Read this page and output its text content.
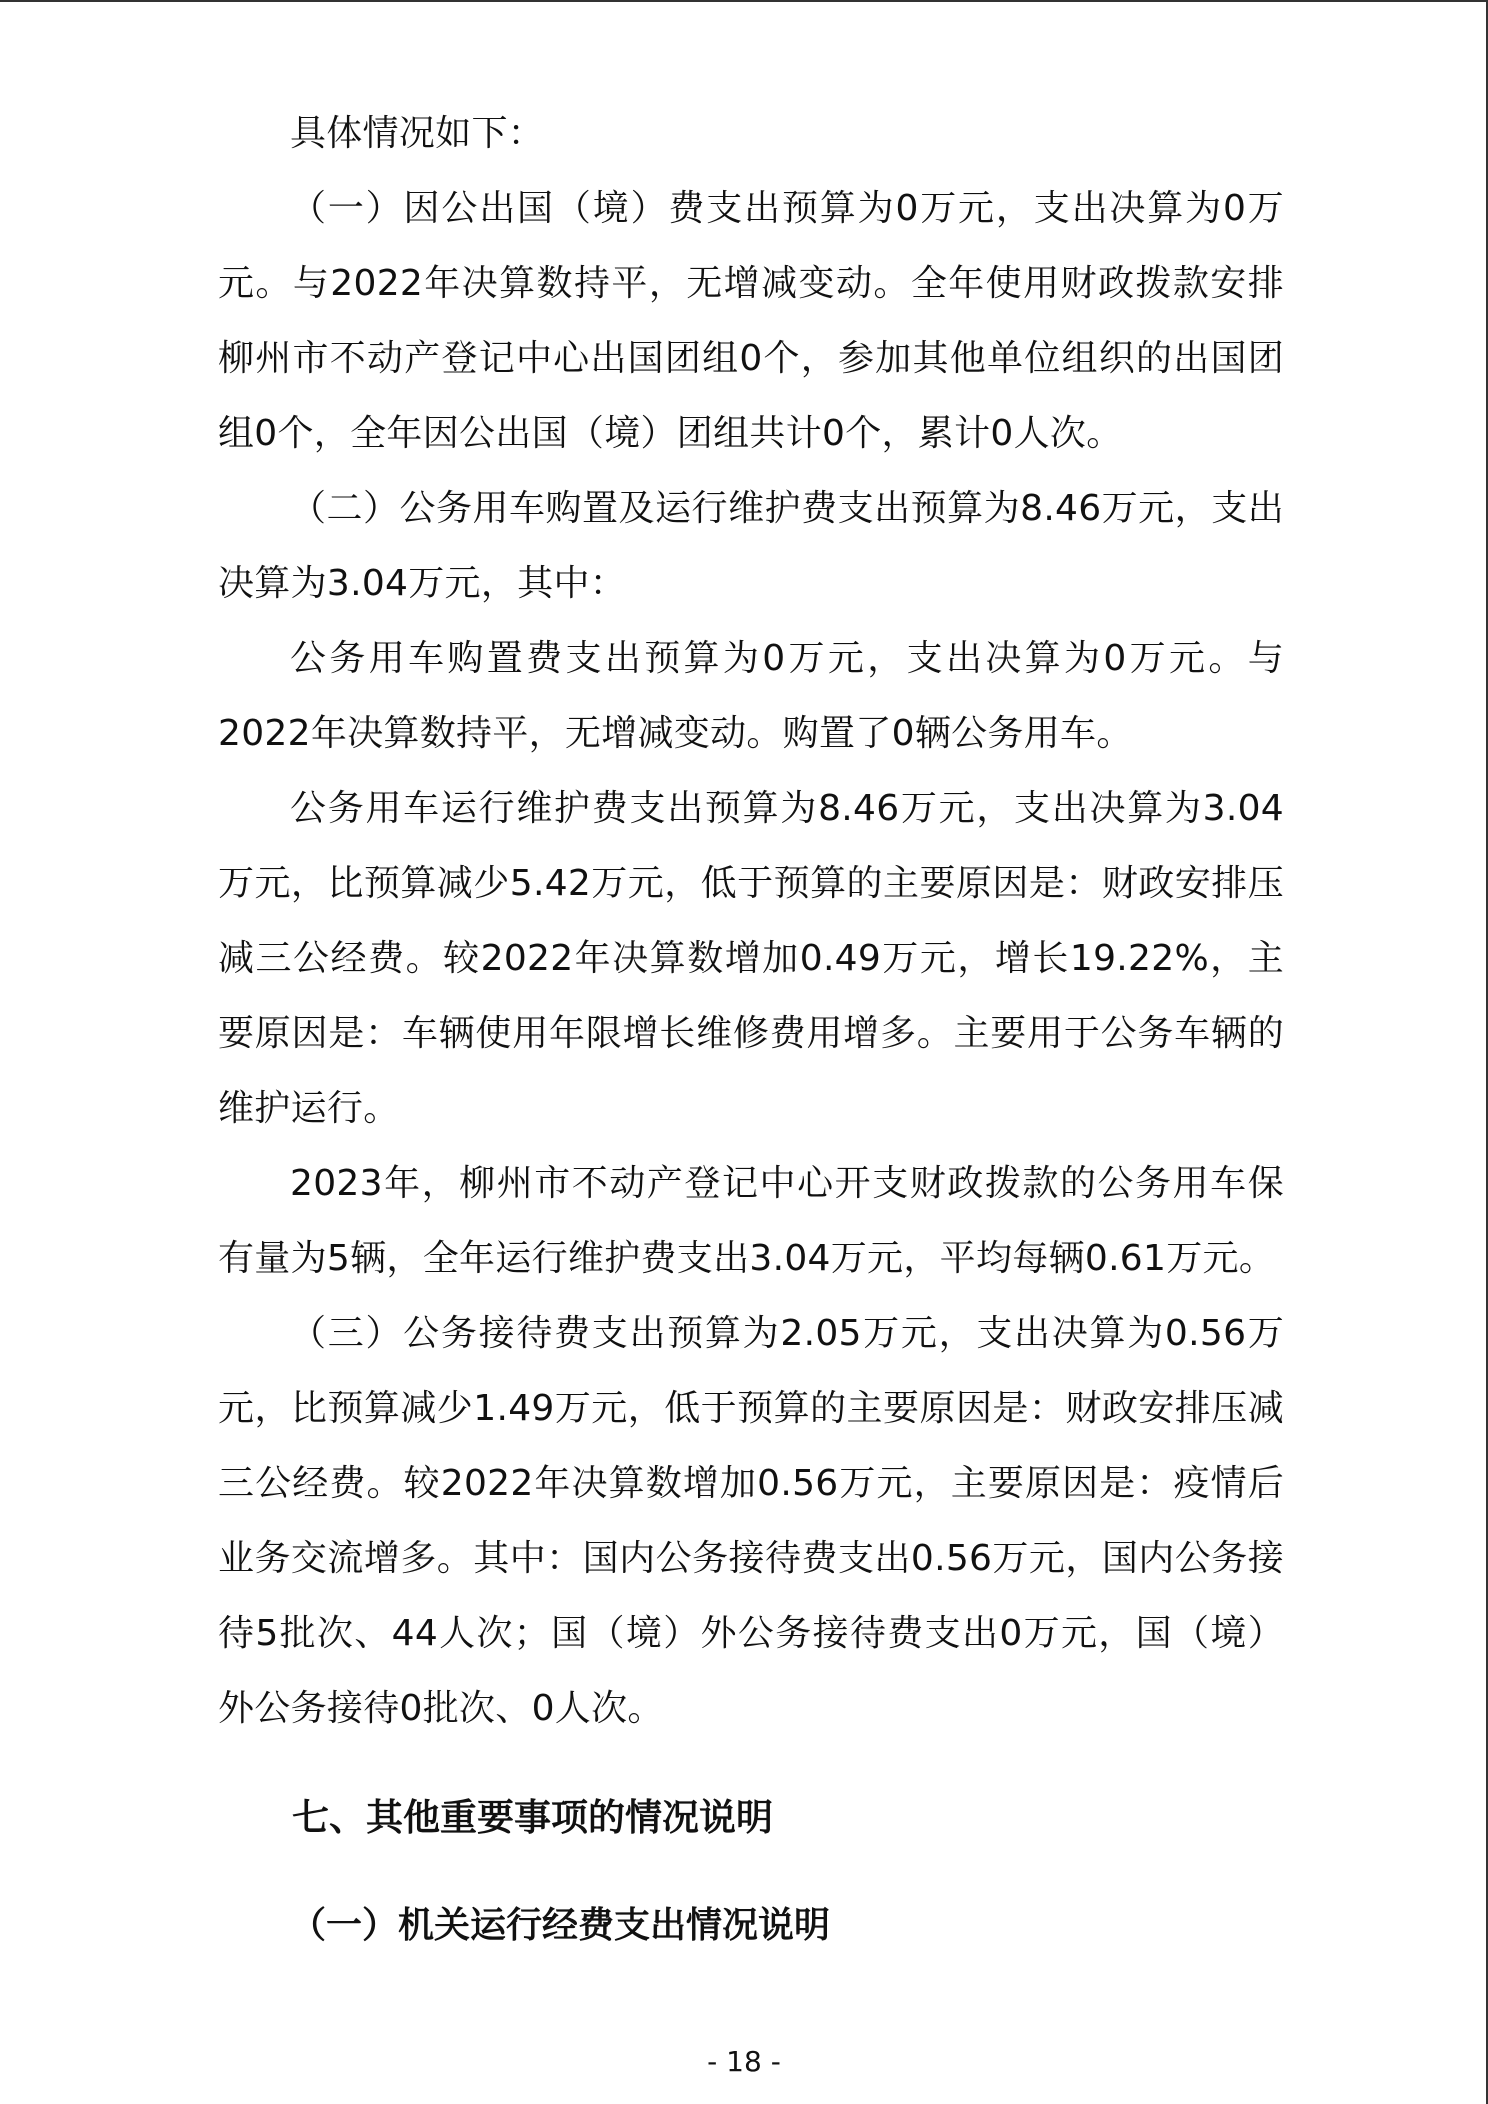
具体情况如下：

（一）因公出国（境）费支出预算为0万元，支出决算为0万元。与2022年决算数持平，无增减变动。全年使用财政拨款安排柳州市不动产登记中心出国团组0个，参加其他单位组织的出国团组0个，全年因公出国（境）团组共计0个，累计0人次。

（二）公务用车购置及运行维护费支出预算为8.46万元，支出决算为3.04万元，其中：

公务用车购置费支出预算为0万元，支出决算为0万元。与2022年决算数持平，无增减变动。购置了0辆公务用车。

公务用车运行维护费支出预算为8.46万元，支出决算为3.04万元，比预算减少5.42万元，低于预算的主要原因是：财政安排压减三公经费。较2022年决算数增加0.49万元，增长19.22%，主要原因是：车辆使用年限增长维修费用增多。主要用于公务车辆的维护运行。

2023年，柳州市不动产登记中心开支财政拨款的公务用车保有量为5辆，全年运行维护费支出3.04万元，平均每辆0.61万元。

（三）公务接待费支出预算为2.05万元，支出决算为0.56万元，比预算减少1.49万元，低于预算的主要原因是：财政安排压减三公经费。较2022年决算数增加0.56万元，主要原因是：疫情后业务交流增多。其中：国内公务接待费支出0.56万元，国内公务接待5批次、44人次；国（境）外公务接待费支出0万元，国（境）外公务接待0批次、0人次。

七、其他重要事项的情况说明
（一）机关运行经费支出情况说明
- 18 -
